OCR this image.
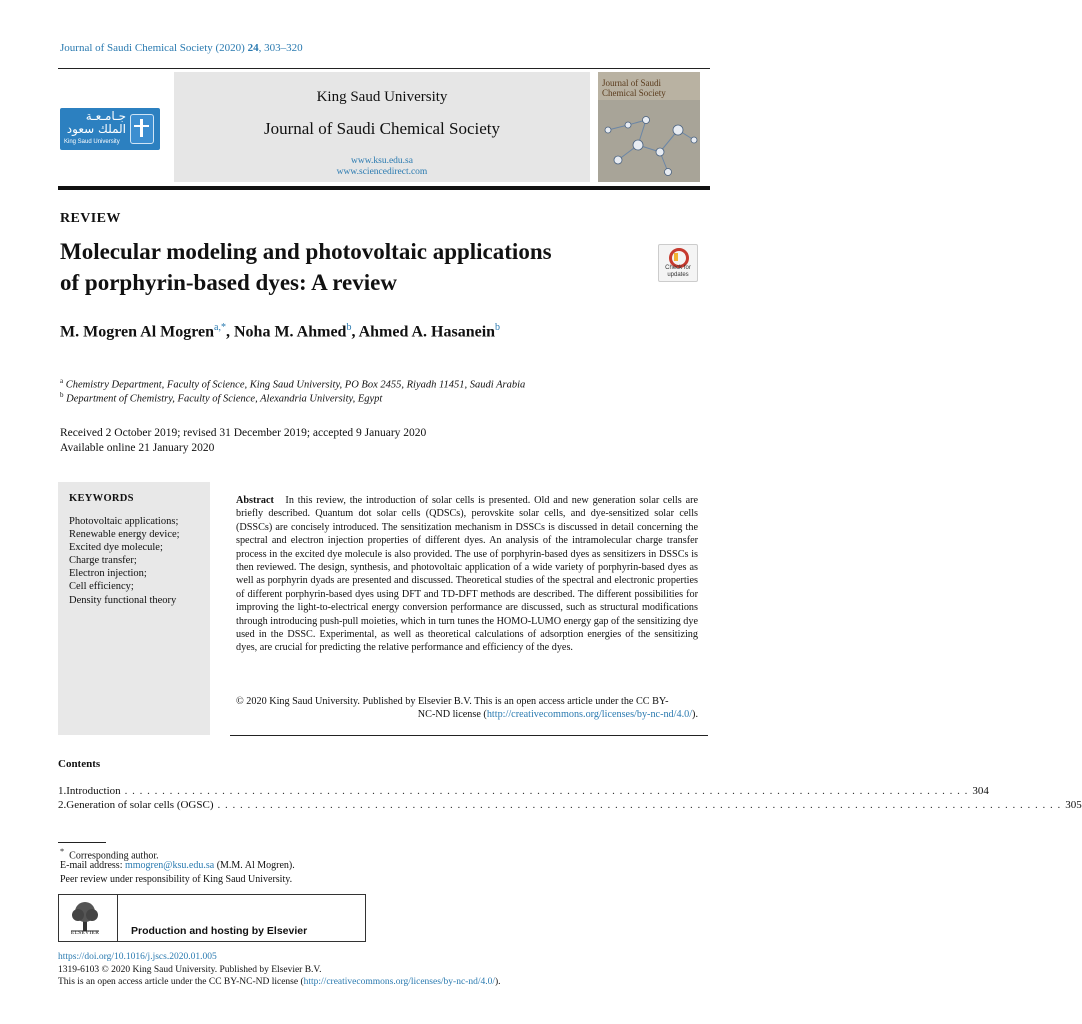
Journal of Saudi Chemical Society (2020) 24, 303–320
جـامـعـة
الملك سعود
King Saud University
King Saud University
Journal of Saudi Chemical Society
www.ksu.edu.sa
www.sciencedirect.com
Journal of Saudi
Chemical Society
REVIEW
Molecular modeling and photovoltaic applications
of porphyrin-based dyes: A review
Check for
updates
M. Mogren Al Mogren$^{a,*}$, Noha M. Ahmed$^b$, Ahmed A. Hasanein$^b$
$^a$ Chemistry Department, Faculty of Science, King Saud University, PO Box 2455, Riyadh 11451, Saudi Arabia
$^b$ Department of Chemistry, Faculty of Science, Alexandria University, Egypt
Received 2 October 2019; revised 31 December 2019; accepted 9 January 2020
Available online 21 January 2020
KEYWORDS
Photovoltaic applications;
Renewable energy device;
Excited dye molecule;
Charge transfer;
Electron injection;
Cell efficiency;
Density functional theory
Abstract In this review, the introduction of solar cells is presented. Old and new generation solar cells are briefly described. Quantum dot solar cells (QDSCs), perovskite solar cells, and dye-sensitized solar cells (DSSCs) are concisely introduced. The sensitization mechanism in DSSCs is discussed in detail concerning the spectral and electron injection properties of different dyes. An analysis of the intramolecular charge transfer process in the excited dye molecule is also provided. The use of porphyrin-based dyes as sensitizers in DSSCs is then reviewed. The design, synthesis, and photovoltaic application of a wide variety of porphyrin-based dyes as well as porphyrin dyads are presented and discussed. Theoretical studies of the spectral and electronic properties of different porphyrin-based dyes using DFT and TD-DFT methods are described. The different possibilities for improving the light-to-electrical energy conversion performance are discussed, such as structural modifications through introducing push-pull moieties, which in turn tunes the HOMO-LUMO energy gap of the sensitizing dye used in the DSSC. Experimental, as well as theoretical calculations of adsorption energies of the sensitizing dyes, are crucial for predicting the relative performance and efficiency of the dyes.
© 2020 King Saud University. Published by Elsevier B.V. This is an open access article under the CC BY-
NC-ND license (http://creativecommons.org/licenses/by-nc-nd/4.0/).
Contents
1. Introduction . . . . . . . . . . . . . . . . . . . . . . . . . . . . . . . . . . . . . . . . . . . . . . . . . . . . . . . . . . . . . . . . . . . . . . . . . . . . . . . . . . . . . . . . . . . . . . . . . . . . . . . . . . . . . . . . . 304
2. Generation of solar cells (OGSC) . . . . . . . . . . . . . . . . . . . . . . . . . . . . . . . . . . . . . . . . . . . . . . . . . . . . . . . . . . . . . . . . . . . . . . . . . . . . . . . . . . . . . . . . . . . . . . . . . . . . . . . . . . . . . . . . . 305
* Corresponding author.
E-mail address: mmogren@ksu.edu.sa (M.M. Al Mogren).
Peer review under responsibility of King Saud University.
ELSEVIER	Production and hosting by Elsevier
https://doi.org/10.1016/j.jscs.2020.01.005
1319-6103 © 2020 King Saud University. Published by Elsevier B.V.
This is an open access article under the CC BY-NC-ND license (http://creativecommons.org/licenses/by-nc-nd/4.0/).
